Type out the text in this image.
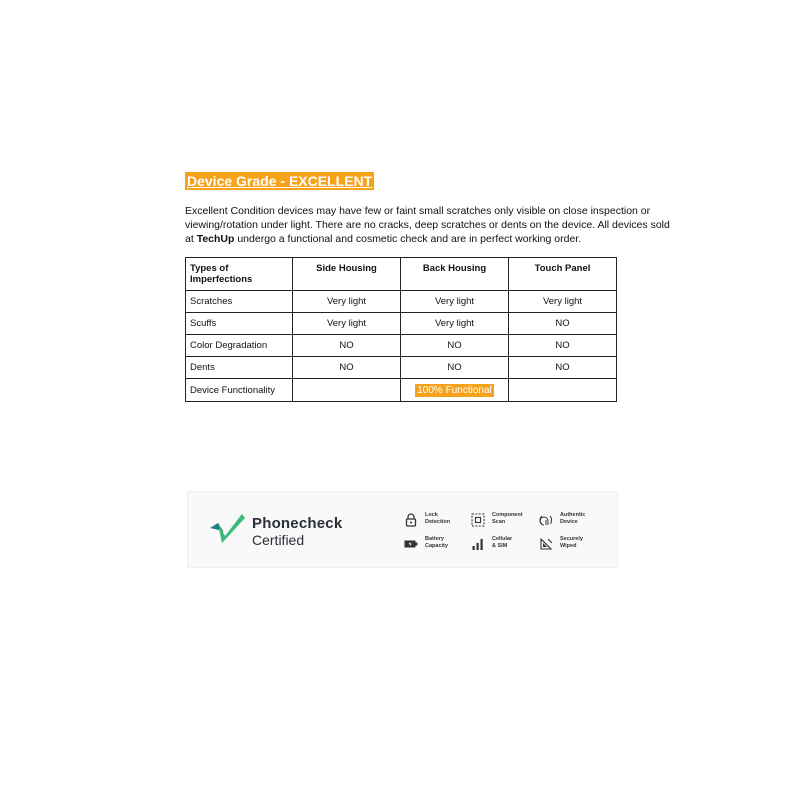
Device Grade - EXCELLENT
Excellent Condition devices may have few or faint small scratches only visible on close inspection or viewing/rotation under light. There are no cracks, deep scratches or dents on the device. All devices sold at TechUp undergo a functional and cosmetic check and are in perfect working order.
Types of Imperfections	Side Housing	Back Housing	Touch Panel
Scratches	Very light	Very light	Very light
Scuffs	Very light	Very light	NO
Color Degradation	NO	NO	NO
Dents	NO	NO	NO
Device Functionality		100% Functional	
Phonecheck
Certified
Lock
Detection
Component
Scan
Authentic
Device
Battery
Capacity
Cellular
& SIM
Securely
Wiped
